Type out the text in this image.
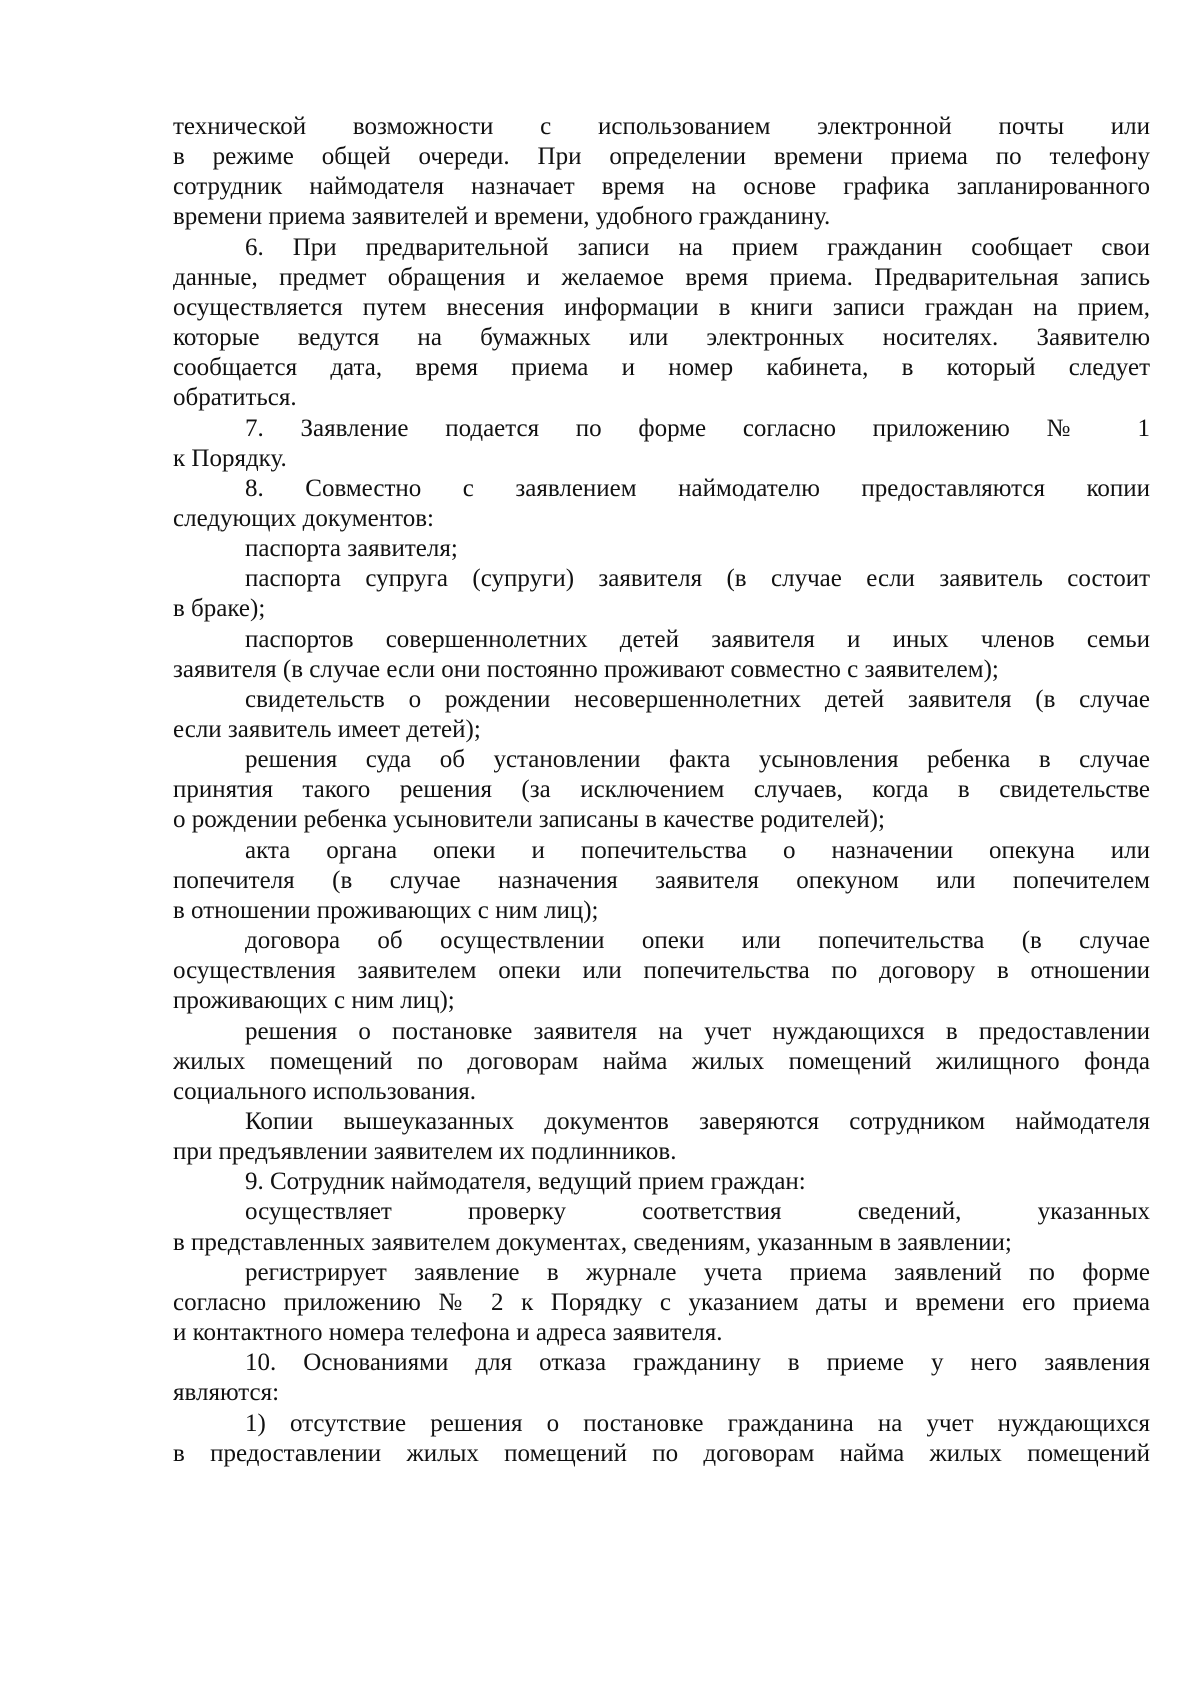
технической возможности с использованием электронной почты или
в режиме общей очереди. При определении времени приема по телефону
сотрудник наймодателя назначает время на основе графика запланированного
времени приема заявителей и времени, удобного гражданину.
6. При предварительной записи на прием гражданин сообщает свои
данные, предмет обращения и желаемое время приема. Предварительная запись
осуществляется путем внесения информации в книги записи граждан на прием,
которые ведутся на бумажных или электронных носителях. Заявителю
сообщается дата, время приема и номер кабинета, в который следует
обратиться.
7. Заявление подается по форме согласно приложению № 1
к Порядку.
8. Совместно с заявлением наймодателю предоставляются копии
следующих документов:
паспорта заявителя;
паспорта супруга (супруги) заявителя (в случае если заявитель состоит
в браке);
паспортов совершеннолетних детей заявителя и иных членов семьи
заявителя (в случае если они постоянно проживают совместно с заявителем);
свидетельств о рождении несовершеннолетних детей заявителя (в случае
если заявитель имеет детей);
решения суда об установлении факта усыновления ребенка в случае
принятия такого решения (за исключением случаев, когда в свидетельстве
о рождении ребенка усыновители записаны в качестве родителей);
акта органа опеки и попечительства о назначении опекуна или
попечителя (в случае назначения заявителя опекуном или попечителем
в отношении проживающих с ним лиц);
договора об осуществлении опеки или попечительства (в случае
осуществления заявителем опеки или попечительства по договору в отношении
проживающих с ним лиц);
решения о постановке заявителя на учет нуждающихся в предоставлении
жилых помещений по договорам найма жилых помещений жилищного фонда
социального использования.
Копии вышеуказанных документов заверяются сотрудником наймодателя
при предъявлении заявителем их подлинников.
9. Сотрудник наймодателя, ведущий прием граждан:
осуществляет проверку соответствия сведений, указанных
в представленных заявителем документах, сведениям, указанным в заявлении;
регистрирует заявление в журнале учета приема заявлений по форме
согласно приложению № 2 к Порядку с указанием даты и времени его приема
и контактного номера телефона и адреса заявителя.
10. Основаниями для отказа гражданину в приеме у него заявления
являются:
1) отсутствие решения о постановке гражданина на учет нуждающихся
в предоставлении жилых помещений по договорам найма жилых помещений
